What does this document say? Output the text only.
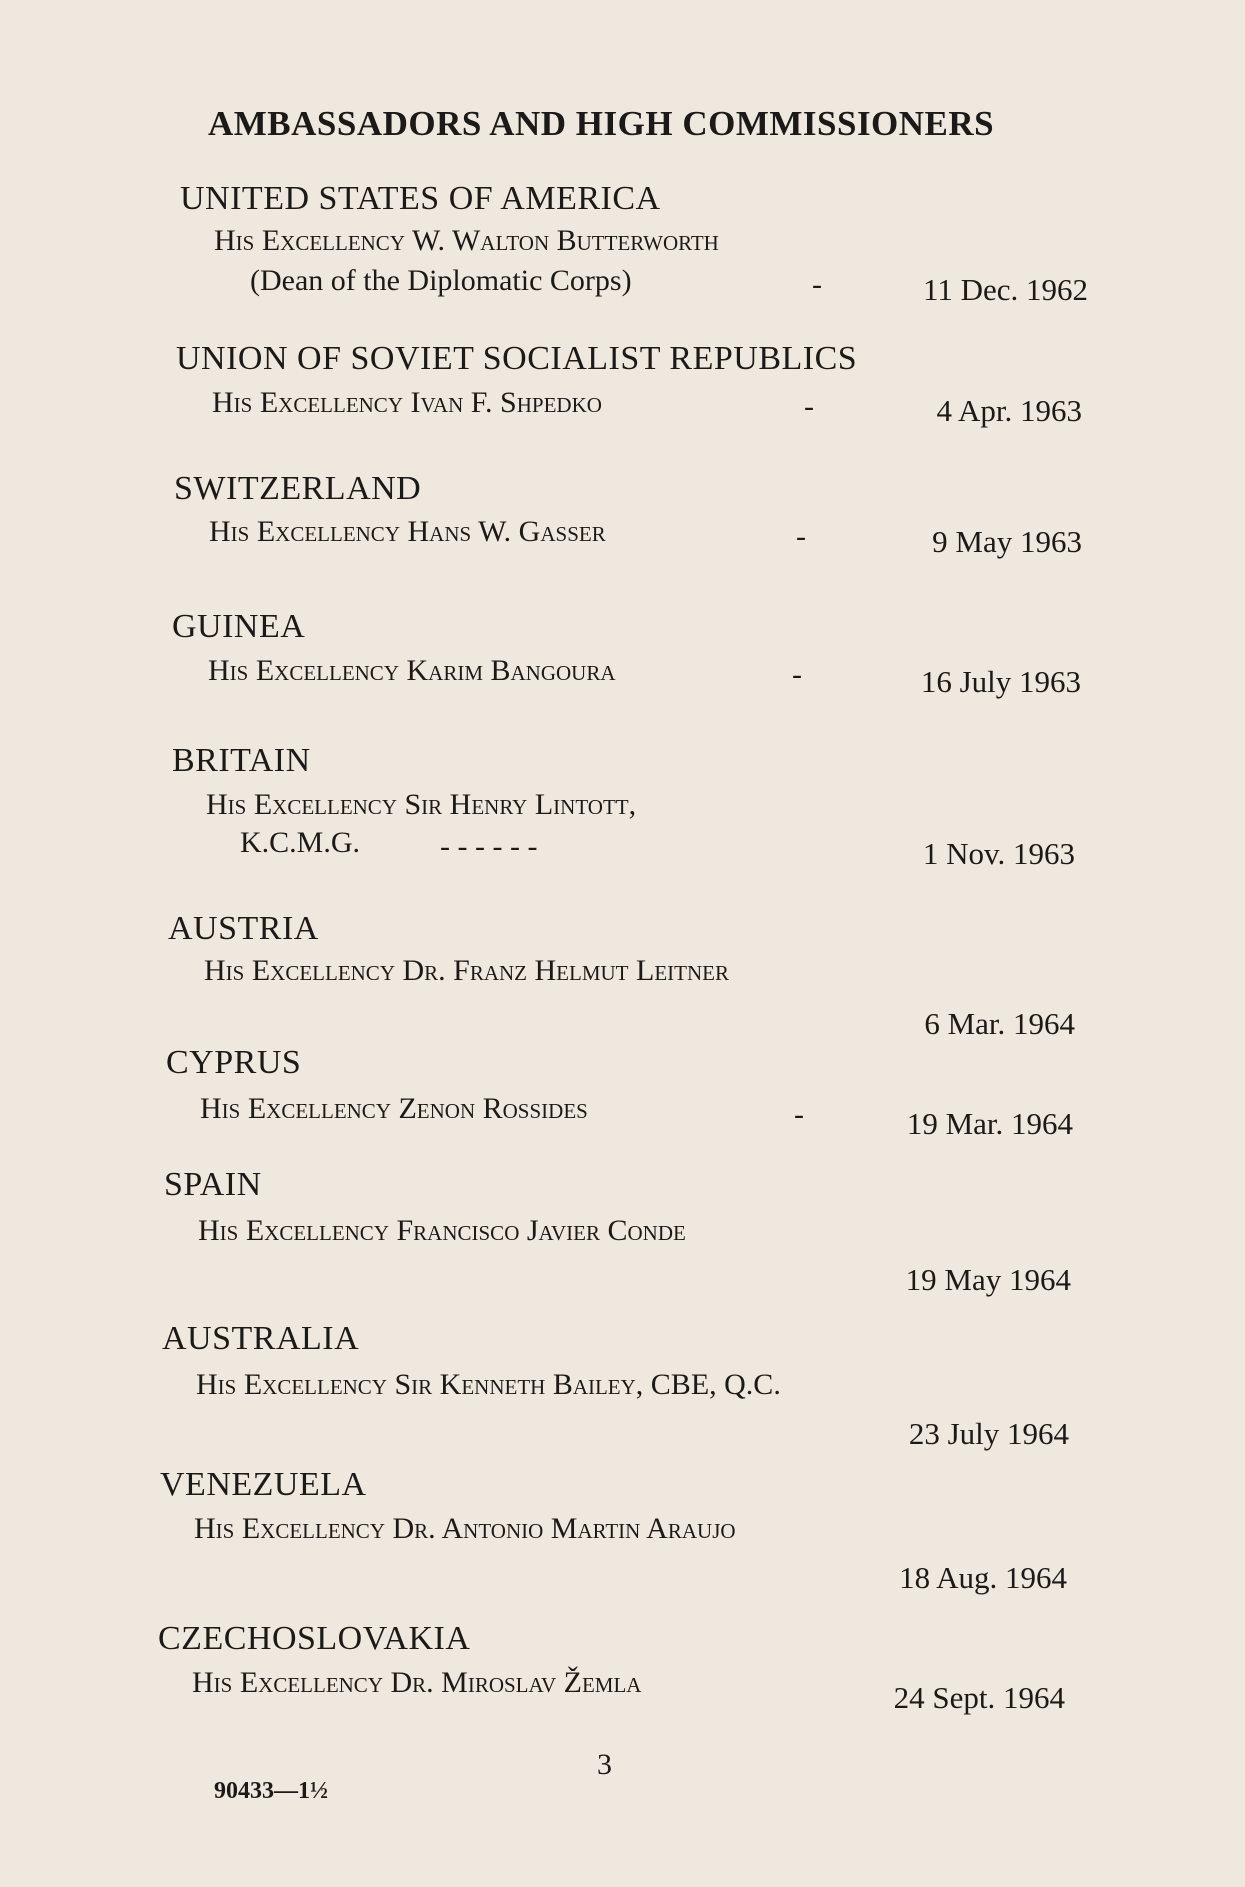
AMBASSADORS AND HIGH COMMISSIONERS
UNITED STATES OF AMERICA
His Excellency W. Walton Butterworth
(Dean of the Diplomatic Corps)	-	11 Dec. 1962
UNION OF SOVIET SOCIALIST REPUBLICS
His Excellency Ivan F. Shpedko	-	4 Apr. 1963
SWITZERLAND
His Excellency Hans W. Gasser	-	9 May 1963
GUINEA
His Excellency Karim Bangoura	-	16 July 1963
BRITAIN
His Excellency Sir Henry Lintott,
K.C.M.G.	- - - - - -	1 Nov. 1963
AUSTRIA
His Excellency Dr. Franz Helmut Leitner
6 Mar. 1964
CYPRUS
His Excellency Zenon Rossides	-	19 Mar. 1964
SPAIN
His Excellency Francisco Javier Conde
19 May 1964
AUSTRALIA
His Excellency Sir Kenneth Bailey, CBE, Q.C.
23 July 1964
VENEZUELA
His Excellency Dr. Antonio Martin Araujo
18 Aug. 1964
CZECHOSLOVAKIA
His Excellency Dr. Miroslav Žemla	24 Sept. 1964
3
90433—1½
